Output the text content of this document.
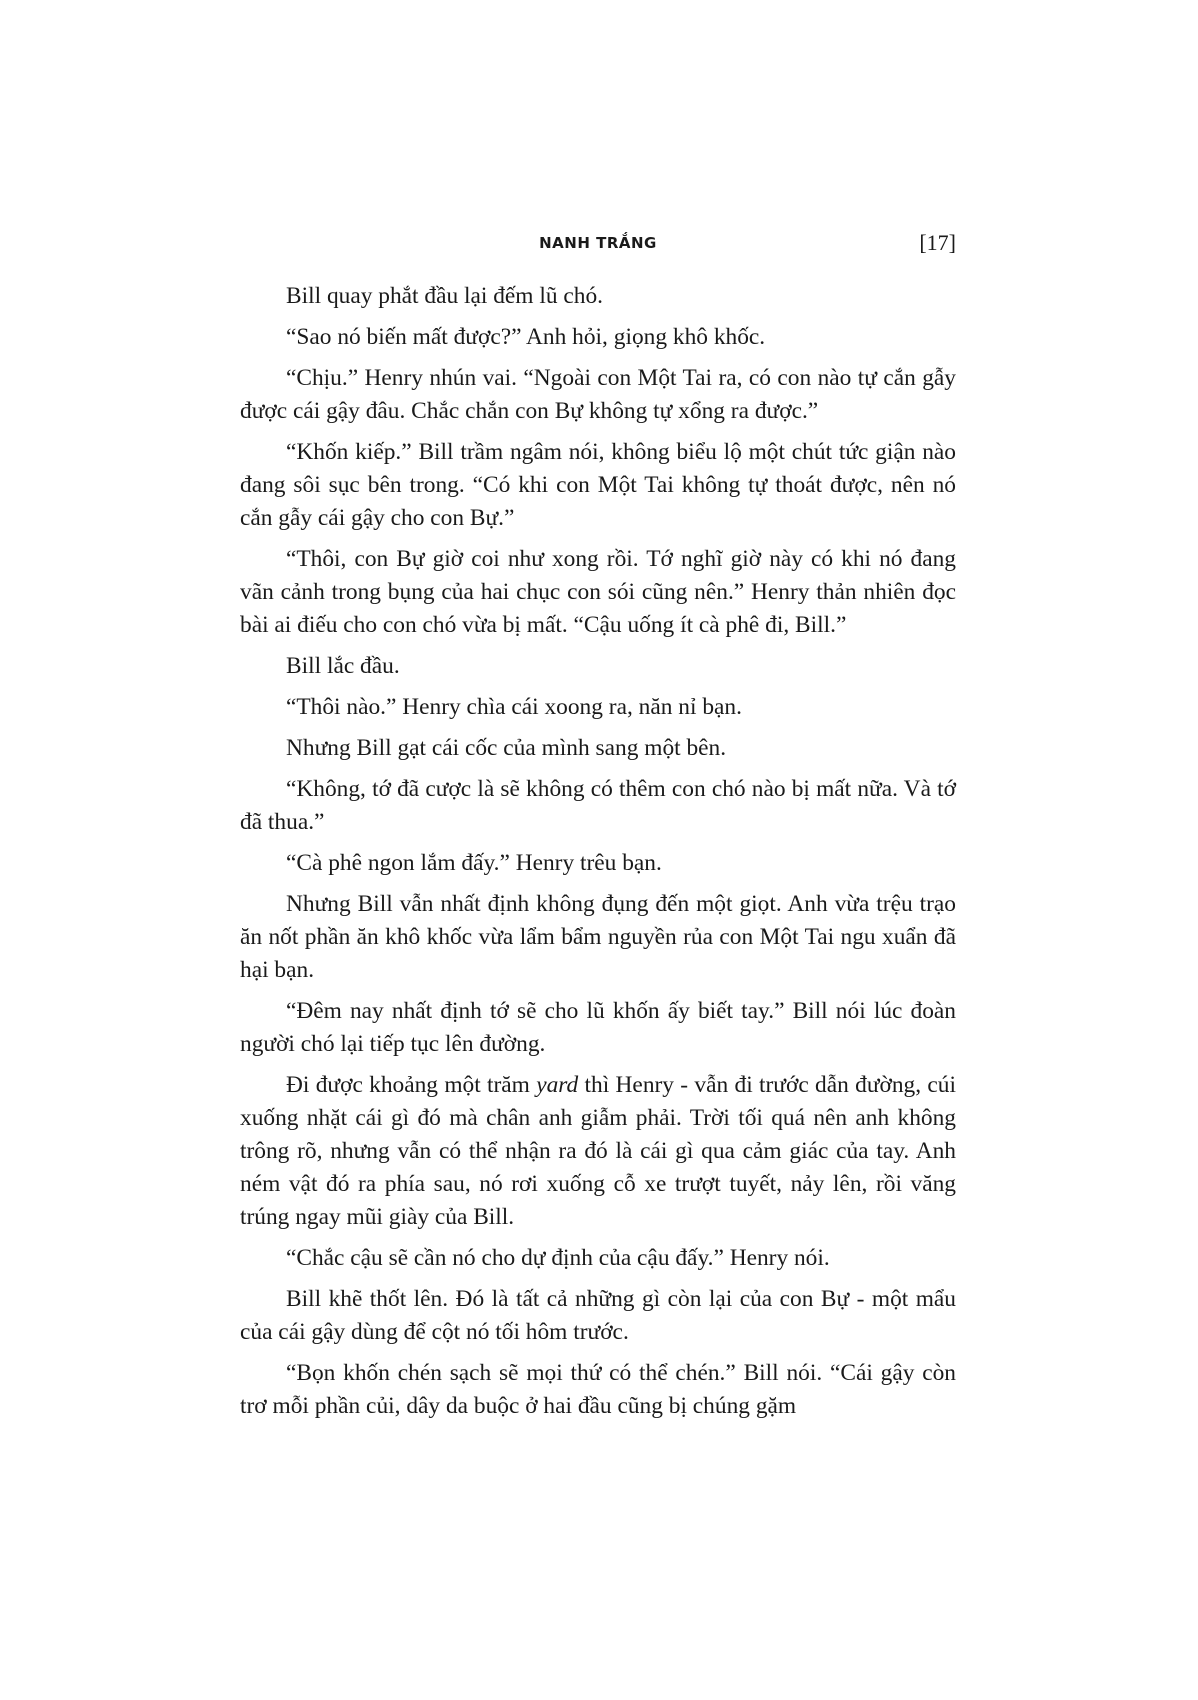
NANH TRẮNG	[17]

Bill quay phắt đầu lại đếm lũ chó.

“Sao nó biến mất được?” Anh hỏi, giọng khô khốc.

“Chịu.” Henry nhún vai. “Ngoài con Một Tai ra, có con nào tự cắn gẫy được cái gậy đâu. Chắc chắn con Bự không tự xổng ra được.”

“Khốn kiếp.” Bill trầm ngâm nói, không biểu lộ một chút tức giận nào đang sôi sục bên trong. “Có khi con Một Tai không tự thoát được, nên nó cắn gẫy cái gậy cho con Bự.”

“Thôi, con Bự giờ coi như xong rồi. Tớ nghĩ giờ này có khi nó đang vãn cảnh trong bụng của hai chục con sói cũng nên.” Henry thản nhiên đọc bài ai điếu cho con chó vừa bị mất. “Cậu uống ít cà phê đi, Bill.”

Bill lắc đầu.

“Thôi nào.” Henry chìa cái xoong ra, năn nỉ bạn.

Nhưng Bill gạt cái cốc của mình sang một bên.

“Không, tớ đã cược là sẽ không có thêm con chó nào bị mất nữa. Và tớ đã thua.”

“Cà phê ngon lắm đấy.” Henry trêu bạn.

Nhưng Bill vẫn nhất định không đụng đến một giọt. Anh vừa trệu trạo ăn nốt phần ăn khô khốc vừa lẩm bẩm nguyền rủa con Một Tai ngu xuẩn đã hại bạn.

“Đêm nay nhất định tớ sẽ cho lũ khốn ấy biết tay.” Bill nói lúc đoàn người chó lại tiếp tục lên đường.

Đi được khoảng một trăm yard thì Henry - vẫn đi trước dẫn đường, cúi xuống nhặt cái gì đó mà chân anh giẫm phải. Trời tối quá nên anh không trông rõ, nhưng vẫn có thể nhận ra đó là cái gì qua cảm giác của tay. Anh ném vật đó ra phía sau, nó rơi xuống cỗ xe trượt tuyết, nảy lên, rồi văng trúng ngay mũi giày của Bill.

“Chắc cậu sẽ cần nó cho dự định của cậu đấy.” Henry nói.

Bill khẽ thốt lên. Đó là tất cả những gì còn lại của con Bự - một mẩu của cái gậy dùng để cột nó tối hôm trước.

“Bọn khốn chén sạch sẽ mọi thứ có thể chén.” Bill nói. “Cái gậy còn trơ mỗi phần củi, dây da buộc ở hai đầu cũng bị chúng gặm
